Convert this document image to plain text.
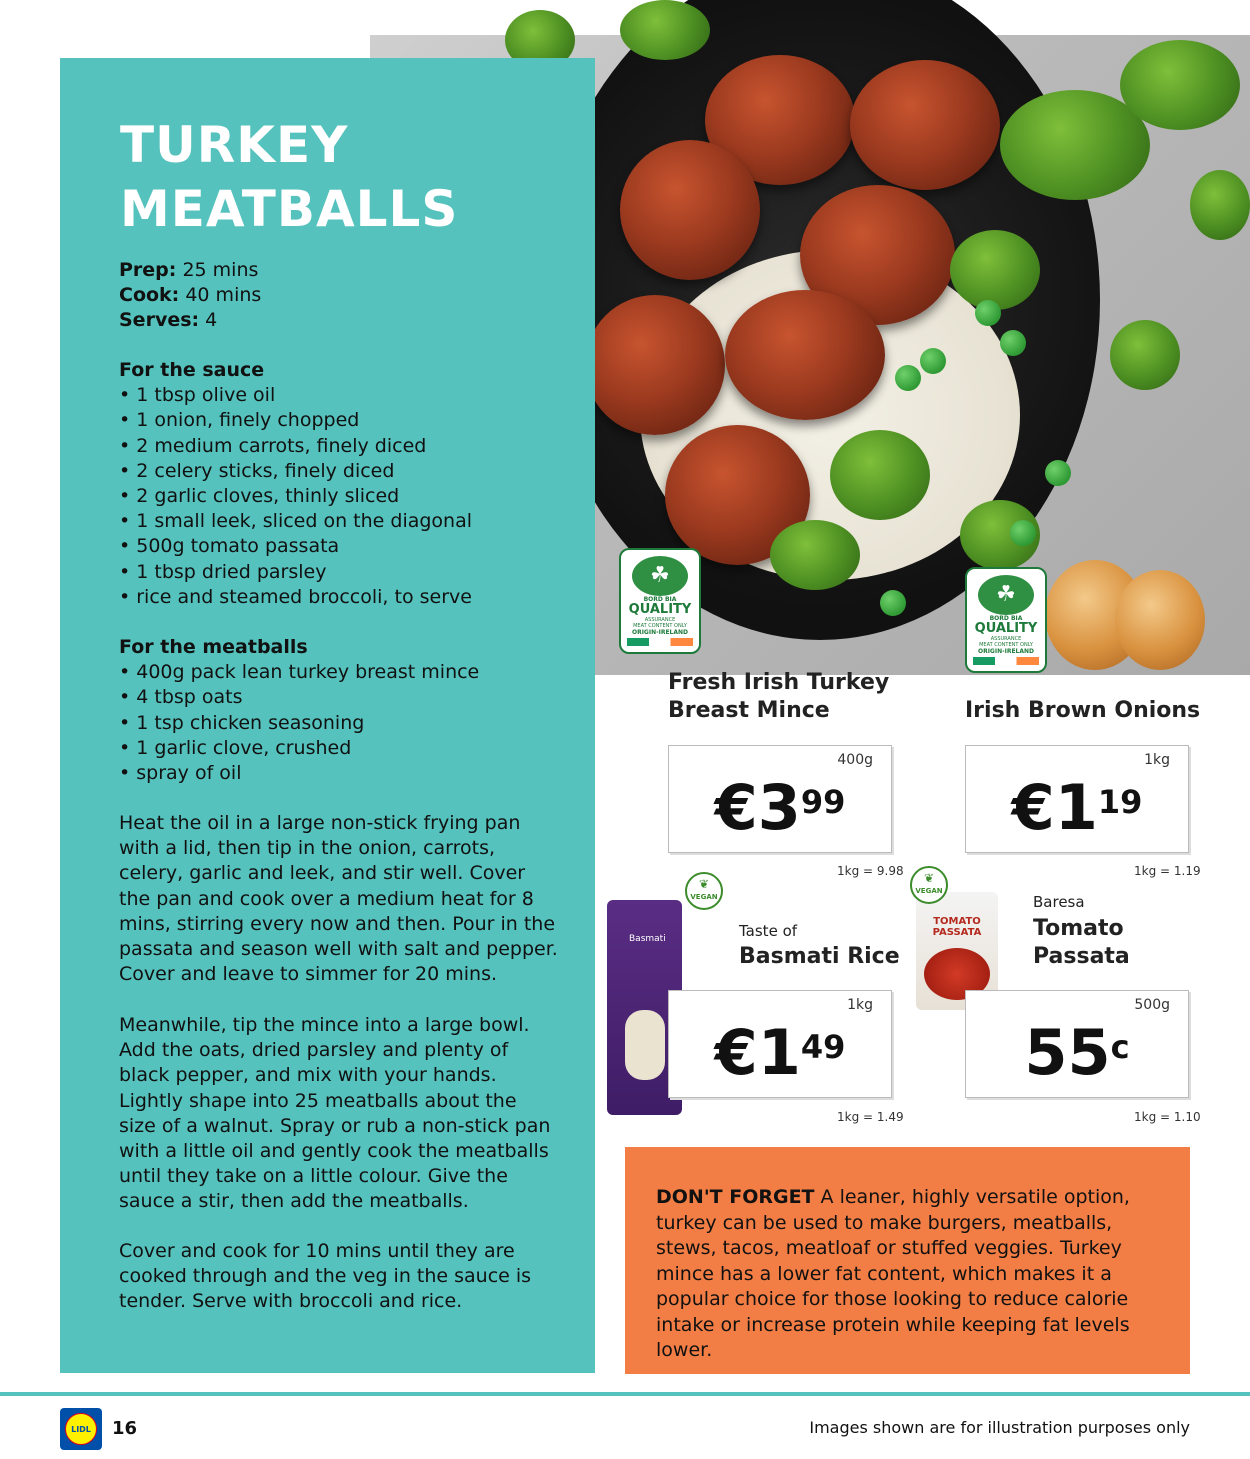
TURKEY
MEATBALLS
Prep: 25 mins
Cook: 40 mins
Serves: 4
For the sauce
• 1 tbsp olive oil
• 1 onion, finely chopped
• 2 medium carrots, finely diced
• 2 celery sticks, finely diced
• 2 garlic cloves, thinly sliced
• 1 small leek, sliced on the diagonal
• 500g tomato passata
• 1 tbsp dried parsley
• rice and steamed broccoli, to serve
For the meatballs
• 400g pack lean turkey breast mince
• 4 tbsp oats
• 1 tsp chicken seasoning
• 1 garlic clove, crushed
• spray of oil

Heat the oil in a large non-stick frying pan with a lid, then tip in the onion, carrots, celery, garlic and leek, and stir well. Cover the pan and cook over a medium heat for 8 mins, stirring every now and then. Pour in the passata and season well with salt and pepper. Cover and leave to simmer for 20 mins.

Meanwhile, tip the mince into a large bowl. Add the oats, dried parsley and plenty of black pepper, and mix with your hands. Lightly shape into 25 meatballs about the size of a walnut. Spray or rub a non-stick pan with a little oil and gently cook the meatballs until they take on a little colour. Give the sauce a stir, then add the meatballs.

Cover and cook for 10 mins until they are cooked through and the veg in the sauce is tender. Serve with broccoli and rice.

☘
BORD BIA
QUALITY
ASSURANCE
MEAT CONTENT ONLY
ORIGIN-IRELAND
☘
BORD BIA
QUALITY
ASSURANCE
MEAT CONTENT ONLY
ORIGIN-IRELAND
Fresh Irish Turkey
Breast Mince
400g
$€3^{99}$
1kg = 9.98
Irish Brown Onions
1kg
$€1^{19}$
1kg = 1.19
Basmati
❦
VEGAN
Taste of
Basmati Rice
1kg
$€1^{49}$
1kg = 1.49
TOMATO PASSATA
❦
VEGAN
Baresa
Tomato
Passata
500g
55$^c$
1kg = 1.10

DON'T FORGET A leaner, highly versatile option, turkey can be used to make burgers, meatballs, stews, tacos, meatloaf or stuffed veggies. Turkey mince has a lower fat content, which makes it a popular choice for those looking to reduce calorie intake or increase protein while keeping fat levels lower.

LIDL	16	Images shown are for illustration purposes only
